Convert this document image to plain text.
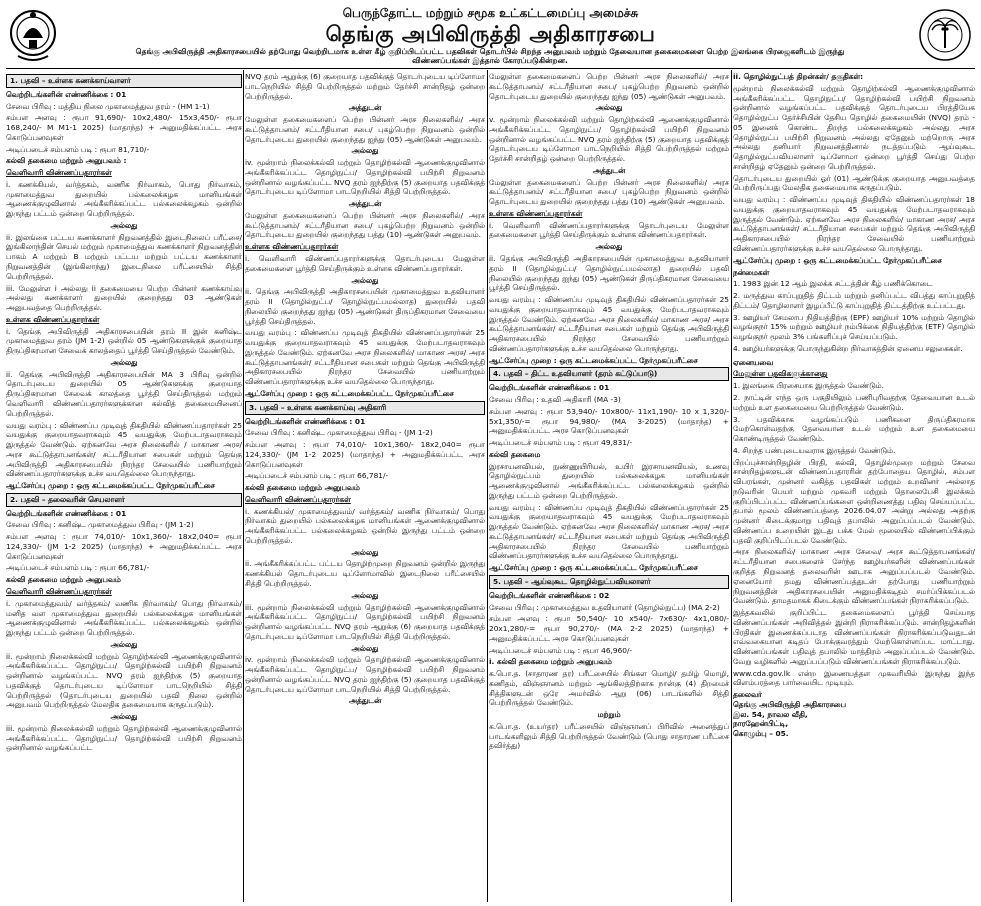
பெருந்தோட்ட மற்றும் சமூக உட்கட்டமைப்பு அமைச்சு
தெங்கு அபிவிருத்தி அதிகாரசபை
தெங்கு அபிவிருத்தி அதிகாரசபையில் தற்போது வெற்றிடமாக உள்ள கீழ் குறிப்பிடப்பட்ட பதவிகள் தொடர்பில் சிறந்த அனுபவம் மற்றும் தேவையான தகைமைகளை பெற்ற இலங்கை பிரஜைகளிடம் இருந்து
விண்ணப்பங்கள் இத்தால் கோரப்படுகின்றன.
1. பதவி – உள்ளக கணக்காய்வாளர்

வெற்றிடங்களின் எண்ணிக்கை : 01

சேவை பிரிவு : மத்திய நிலை முகாமைத்துவ தரம் - (HM 1-1)

சம்பள அளவு : ரூபா 91,690/- 10x2,480/- 15x3,450/- ரூபா 168,240/- M M1-1 2025) (மாதாந்த) + அனுமதிக்கப்பட்ட அரச கொடுப்பனவுகள்

அடிப்படைச் சம்பளம் படி : ரூபா 81,710/-

கல்வி தகைமை மற்றும் அனுபவம் :

வெளிவாரி விண்ணப்பதாரர்கள்

i. கணக்கியல், வர்த்தகம், வணிக நிர்வாகம், பொது நிர்வாகம், முகாமைத்துவ துறையில் பல்கலைக்கழக மானியங்கள் ஆணைக்குழுவினால் அங்கீகரிக்கப்பட்ட பல்கலைக்கழகம் ஒன்றில் இருந்து பட்டம் ஒன்றை பெற்றிருத்தல்.

அல்லது

ii. இலங்கை பட்டய கணக்காளர் நிறுவனத்தில் இடைநிலைப் பரீட்சை/ இங்கிலாந்தின் செயல் மற்றும் முகாமைத்துவ கணக்காளர் நிறுவனத்தின் பாகம் A மற்றும் B மற்றும் பட்டய மற்றும் பட்டய கணக்காளர் நிறுவனத்தின் (இங்கிலாந்து) இடைநிலை பரீட்சையில் சித்தி பெற்றிருத்தல்.

iii. மேலுள்ள i அல்லது ii தகைமையை பெற்ற பின்னர் கணக்காய்வு அல்லது கணக்காளர் துறையில் குறைந்தது 03 ஆண்டுகள் அனுபவத்தை பெற்றிருத்தல்.

உள்ளக விண்ணப்பதாரர்கள்

i. தெங்கு அபிவிருத்தி அதிகாரசபையின் தரம் II இன் கனிஷ்ட முகாமைத்துவ தரம் (JM 1-2) ஒன்றில் 05 ஆண்டுகளுக்குக் குறையாத திருப்திகரமான சேவைக் காலத்தைப் பூர்த்தி செய்திருத்தல் வேண்டும்.

அல்லது

ii. தெங்கு அபிவிருத்தி அதிகாரசபையின் MA 3 பிரிவு ஒன்றில் தொடர்புடைய துறையில் 05 ஆண்டுகளுக்கு குறையாத திருப்திகரமான சேவைக் காலத்தை பூர்த்தி செய்திருத்தல் மற்றும் வெளிவாரி விண்ணப்பதாரர்களுக்கான கல்வித் தகைமையினைப் பெற்றிருத்தல்.

வயது வரம்பு : விண்ணப்ப முடிவுத் திகதியில் விண்ணப்பதாரர்கள் 25 வயதுக்கு குறையாதவராகவும் 45 வயதுக்கு மேற்படாதவராகவும் இருத்தல் வேண்டும். ஏற்கனவே அரச நிலைகளில் / மாகாண அரச/ அரச கூட்டுத்தாபனங்கள்/ சட்டரீதியான சபைகள் மற்றும் தெங்கு அபிவிருத்தி அதிகாரசபையில் நிரந்தர சேவையில் பணியாற்றும் விண்ணப்பதாரர்களுக்கு உச்ச வயதெல்லை பொருந்தாது.

ஆட்சேர்ப்பு முறை : ஒரு கட்டமைக்கப்பட்ட நேர்முகப்பரீட்சை

2. பதவி – தலைவரின் செயலாளர்

வெற்றிடங்களின் எண்ணிக்கை : 01

சேவை பிரிவு : கனிஷ்ட முகாமைத்துவ பிரிவு - (JM 1-2)

சம்பள அளவு : ரூபா 74,010/- 10x1,360/- 18x2,040= ரூபா 124,330/- (JM 1-2 2025) (மாதாந்த) + அனுமதிக்கப்பட்ட அரச கொடுப்பனவுகள்

அடிப்படைச் சம்பளம் படி : ரூபா 66,781/-

கல்வி தகைமை மற்றும் அனுபவம்

வெளிவாரி விண்ணப்பதாரர்கள்

i. முகாமைத்துவம்/ வர்த்தகம்/ வணிக நிர்வாகம்/ பொது நிர்வாகம்/ மனித வள முகாமைத்துவ துறையில் பல்கலைக்கழக மானியங்கள் ஆணைக்குழுவினால் அங்கீகரிக்கப்பட்ட பல்கலைக்கழகம் ஒன்றில் இருந்து பட்டம் ஒன்றை பெற்றிருத்தல்.

அல்லது

ii. மூன்றாம் நிலைக்கல்வி மற்றும் தொழிற்கல்வி ஆணைக்குழுவினால் அங்கீகரிக்கப்பட்ட தொழிநுட்ப/ தொழிற்கல்வி பயிற்சி நிறுவனம் ஒன்றினால் வழங்கப்பட்ட NVQ தரம் ஐந்திற்கு (5) குறையாத பதவிக்குத் தொடர்புடைய டிப்ளோமா பாடநெறியில் சித்தி பெற்றிருத்தல் (தொடர்புடைய துறையில் பதவி நிலை ஒன்றில் அனுபவம் பெற்றிருத்தல் மேலதிக தகைமையாக கருதப்படும்).

அல்லது

iii. மூன்றாம் நிலைக்கல்வி மற்றும் தொழிற்கல்வி ஆணைக்குழுவினால் அங்கீகரிக்கப்பட்ட தொழிநுட்ப/ தொழிற்கல்வி பயிற்சி நிறுவனம் ஒன்றினால் வழங்கப்பட்ட

NVQ தரம் ஆறுக்கு (6) குறையாத பதவிக்குத் தொடர்புடைய டிப்ளோமா பாடநெறியில் சித்தி பெற்றிருத்தல் மற்றும் தேர்ச்சி சான்றிதழ் ஒன்றை பெற்றிருத்தல்.

அத்துடன்

மேலுள்ள தகைமைகளைப் பெற்ற பின்னர் அரச நிலைகளில்/ அரச கூட்டுத்தாபனம்/ சட்டரீதியான சபை/ புகழ்பெற்ற நிறுவனம் ஒன்றில் தொடர்புடைய துறையில் குறைந்தது ஐந்து (05) ஆண்டுகள் அனுபவம்.

அல்லது

iv. மூன்றாம் நிலைக்கல்வி மற்றும் தொழிற்கல்வி ஆணைக்குழுவினால் அங்கீகரிக்கப்பட்ட தொழிநுட்ப/ தொழிற்கல்வி பயிற்சி நிறுவனம் ஒன்றினால் வழங்கப்பட்ட NVQ தரம் ஐந்திற்கு (5) குறையாத பதவிக்குத் தொடர்புடைய டிப்ளோமா பாடநெறியில் சித்தி பெற்றிருத்தல்.

அத்துடன்

மேலுள்ள தகைமைகளைப் பெற்ற பின்னர் அரச நிலைகளில்/ அரச கூட்டுத்தாபனம்/ சட்டரீதியான சபை/ புகழ்பெற்ற நிறுவனம் ஒன்றில் தொடர்புடைய துறையில் குறைந்தது பத்து (10) ஆண்டுகள் அனுபவம்.

உள்ளக விண்ணப்பதாரர்கள்

i. வெளிவாரி விண்ணப்பதாரர்களுக்கு தொடர்புடைய மேலுள்ள தகைமைகளை பூர்த்தி செய்திருக்கும் உள்ளக விண்ணப்பதாரர்கள்.

அல்லது

ii. தெங்கு அபிவிருத்தி அதிகாரசபையின் முகாமைத்துவ உதவியாளர் தரம் II (தொழில்நுட்ப/ தொழில்நுட்பமல்லாத) துறையில் பதவி நிலையில் குறைந்தது ஐந்து (05) ஆண்டுகள் திருப்திகரமான சேவையை பூர்த்தி செய்திருத்தல்.

வயது வரம்பு : விண்ணப்ப முடிவுத் திகதியில் விண்ணப்பதாரர்கள் 25 வயதுக்கு குறையாதவராகவும் 45 வயதுக்கு மேற்படாதவராகவும் இருத்தல் வேண்டும். ஏற்கனவே அரச நிலைகளில்/ மாகாண அரச/ அரச கூட்டுத்தாபனங்கள்/ சட்டரீதியான சபைகள் மற்றும் தெங்கு அபிவிருத்தி அதிகாரசபையில் நிரந்தர சேவையில் பணியாற்றும் விண்ணப்பதாரர்களுக்கு உச்ச வயதெல்லை பொருந்தாது.

ஆட்சேர்ப்பு முறை : ஒரு கட்டமைக்கப்பட்ட நேர்முகப்பரீட்சை

3. பதவி – உள்ளக கணக்காய்வு அதிகாரி

வெற்றிடங்களின் எண்ணிக்கை : 01

சேவை பிரிவு : கனிஷ்ட முகாமைத்துவ பிரிவு - (JM 1-2)

சம்பள அளவு : ரூபா 74,010/- 10x1,360/- 18x2,040= ரூபா 124,330/- (JM 1-2 2025) (மாதாந்த) + அனுமதிக்கப்பட்ட அரச கொடுப்பனவுகள்

அடிப்படைச் சம்பளம் படி : ரூபா 66,781/-

கல்வி தகைமை மற்றும் அனுபவம்

வெளிவாரி விண்ணப்பதாரர்கள்

i. கணக்கியல்/ முகாமைத்துவம்/ வர்த்தகம்/ வணிக நிர்வாகம்/ பொது நிர்வாகம் துறையில் பல்கலைக்கழக மானியங்கள் ஆணைக்குழுவினால் அங்கீகரிக்கப்பட்ட பல்கலைக்கழகம் ஒன்றில் இருந்து பட்டம் ஒன்றை பெற்றிருத்தல்.

அல்லது

ii. அங்கீகரிக்கப்பட்ட பட்டய தொழிற்முறை நிறுவனம் ஒன்றில் இருந்து கணக்கியல் தொடர்புடைய டிப்ளோமாவில் இடைநிலை பரீட்சையில் சித்தி பெற்றிருத்தல்.

அல்லது

iii. மூன்றாம் நிலைக்கல்வி மற்றும் தொழிற்கல்வி ஆணைக்குழுவினால் அங்கீகரிக்கப்பட்ட தொழிநுட்ப/ தொழிற்கல்வி பயிற்சி நிறுவனம் ஒன்றினால் வழங்கப்பட்ட NVQ தரம் ஆறுக்கு (6) குறையாத பதவிக்குத் தொடர்புடைய டிப்ளோமா பாடநெறியில் சித்தி பெற்றிருத்தல்.

அல்லது

iv. மூன்றாம் நிலைக்கல்வி மற்றும் தொழிற்கல்வி ஆணைக்குழுவினால் அங்கீகரிக்கப்பட்ட தொழிநுட்ப/ தொழிற்கல்வி பயிற்சி நிறுவனம் ஒன்றினால் வழங்கப்பட்ட NVQ தரம் ஐந்திற்கு (5) குறையாத பதவிக்குத் தொடர்புடைய டிப்ளோமா பாடநெறியில் சித்தி பெற்றிருத்தல்.

அத்துடன்

மேலுள்ள தகைமைகளைப் பெற்ற பின்னர் அரச நிலைகளில்/ அரச கூட்டுத்தாபனம்/ சட்டரீதியான சபை/ புகழ்பெற்ற நிறுவனம் ஒன்றில் தொடர்புடைய துறையில் குறைந்தது ஐந்து (05) ஆண்டுகள் அனுபவம்.

அல்லது

v. மூன்றாம் நிலைக்கல்வி மற்றும் தொழிற்கல்வி ஆணைக்குழுவினால் அங்கீகரிக்கப்பட்ட தொழிநுட்ப/ தொழிற்கல்வி பயிற்சி நிறுவனம் ஒன்றினால் வழங்கப்பட்ட NVQ தரம் ஐந்திற்கு (5) குறையாத பதவிக்குத் தொடர்புடைய டிப்ளோமா பாடநெறியில் சித்தி பெற்றிருத்தல் மற்றும் தேர்ச்சி சான்றிதழ் ஒன்றை பெற்றிருத்தல்.

அத்துடன்

மேலுள்ள தகைமைகளைப் பெற்ற பின்னர் அரச நிலைகளில்/ அரச கூட்டுத்தாபனம்/ சட்டரீதியான சபை/ புகழ்பெற்ற நிறுவனம் ஒன்றில் தொடர்புடைய துறையில் குறைந்தது பத்து (10) ஆண்டுகள் அனுபவம்.

உள்ளக விண்ணப்பதாரர்கள்

i. வெளிவாரி விண்ணப்பதாரர்களுக்கு தொடர்புடைய மேலுள்ள தகைமைகளை பூர்த்தி செய்திருக்கும் உள்ளக விண்ணப்பதாரர்கள்.

அல்லது

ii. தெங்கு அபிவிருத்தி அதிகாரசபையின் முகாமைத்துவ உதவியாளர் தரம் II (தொழில்நுட்ப/ தொழில்நுட்பமல்லாத) துறையில் பதவி நிலையில் குறைந்தது ஐந்து (05) ஆண்டுகள் திருப்திகரமான சேவையை பூர்த்தி செய்திருத்தல்.

வயது வரம்பு : விண்ணப்ப முடிவுத் திகதியில் விண்ணப்பதாரர்கள் 25 வயதுக்கு குறையாதவராகவும் 45 வயதுக்கு மேற்படாதவராகவும் இருத்தல் வேண்டும். ஏற்கனவே அரச நிலைகளில்/ மாகாண அரச/ அரச கூட்டுத்தாபனங்கள்/ சட்டரீதியான சபைகள் மற்றும் தெங்கு அபிவிருத்தி அதிகாரசபையில் நிரந்தர சேவையில் பணியாற்றும் விண்ணப்பதாரர்களுக்கு உச்ச வயதெல்லை பொருந்தாது.

ஆட்சேர்ப்பு முறை : ஒரு கட்டமைக்கப்பட்ட நேர்முகப்பரீட்சை

4. பதவி – திட்ட உதவியாளர் (தரம் கட்டுப்பாடு)

வெற்றிடங்களின் எண்ணிக்கை : 01

சேவை பிரிவு : உதவி அதிகாரி (MA -3)

சம்பள அளவு : ரூபா 53,940/- 10x800/- 11x1,190/- 10 x 1,320/- 5x1,350/-= ரூபா 94,980/- (MA 3-2025) (மாதாந்த) + அனுமதிக்கப்பட்ட அரச கொடுப்பனவுகள்

அடிப்படைச் சம்பளம் படி : ரூபா 49,831/-

கல்வி தகைமை

இரசாயனவியல், நுண்ணுயிரியல், உயிர் இரசாயனவியல், உணவு தொழில்நுட்பம் துறையில் பல்கலைக்கழக மானியங்கள் ஆணைக்குழுவினால் அங்கீகரிக்கப்பட்ட பல்கலைக்கழகம் ஒன்றில் இருந்து பட்டம் ஒன்றை பெற்றிருத்தல்.

வயது வரம்பு : விண்ணப்ப முடிவுத் திகதியில் விண்ணப்பதாரர்கள் 25 வயதுக்கு குறையாதவராகவும் 45 வயதுக்கு மேற்படாதவராகவும் இருத்தல் வேண்டும். ஏற்கனவே அரச நிலைகளில்/ மாகாண அரச/ அரச கூட்டுத்தாபனங்கள்/ சட்டரீதியான சபைகள் மற்றும் தெங்கு அபிவிருத்தி அதிகாரசபையில் நிரந்தர சேவையில் பணியாற்றும் விண்ணப்பதாரர்களுக்கு உச்ச வயதெல்லை பொருந்தாது.

ஆட்சேர்ப்பு முறை : ஒரு கட்டமைக்கப்பட்ட நேர்முகப்பரீட்சை

5. பதவி – ஆய்வுகூட தொழில்நுட்பவியலாளர்

வெற்றிடங்களின் எண்ணிக்கை : 02

சேவை பிரிவு : முகாமைத்துவ உதவியாளர் (தொழில்நுட்ப) (MA 2-2)

சம்பள அளவு : ரூபா 50,540/- 10 x540/- 7x630/- 4x1,080/- 20x1,280/-= ரூபா 90,270/- (MA 2-2 2025) (மாதாந்த) + அனுமதிக்கப்பட்ட அரச கொடுப்பனவுகள்

அடிப்படைச் சம்பளம் படி : ரூபா 46,960/-

i. கல்வி தகைமை மற்றும் அனுபவம்

க.பொ.த. (சாதாரண தர) பரீட்சையில் சிங்கள மொழி/ தமிழ் மொழி, கணிதம், விஞ்ஞானம் மற்றும் ஆங்கிலத்திற்காக நான்கு (4) திறமைச் சித்திகளுடன் ஒரே அமர்வில் ஆறு (06) பாடங்களில் சித்தி பெற்றிருத்தல் வேண்டும்.

மற்றும்

க.பொ.த. (உயர்தர) பரீட்சையில் விஞ்ஞானப் பிரிவில் அனைத்துப் பாடங்களிலும் சித்தி பெற்றிருத்தல் வேண்டும் (பொது சாதாரண பரீட்சை தவிர்த்து)

ii. தொழில்நுட்பத் திறன்கள்/ தகுதிகள்:

மூன்றாம் நிலைக்கல்வி மற்றும் தொழிற்கல்வி ஆணைக்குழுவினால் அங்கீகரிக்கப்பட்ட தொழிநுட்ப/ தொழிற்கல்வி பயிற்சி நிறுவனம் ஒன்றினால் வழங்கப்பட்ட பதவிக்குத் தொடர்புடைய பிரத்தியேக தொழில்நுட்ப தேர்ச்சியின் தேசிய தொழில் தகைமையின் (NVQ) தரம் - 05 இனைக் கொண்ட திறந்த பல்கலைக்கழகம் அல்லது அரச தொழில்நுட்ப பயிற்சி நிறுவனம் அல்லது ஏதேனும் மற்றொரு அரச அல்லது தனியார் நிறுவனத்தினால் நடத்தப்படும் ஆய்வுகூட தொழில்நுட்பவியலாளர் டிப்ளோமா ஒன்றை பூர்த்தி செய்து பெற்ற சான்றிதழ் ஏதேனும் ஒன்றை பெற்றிருத்தல்.

தொடர்புடைய துறையில் ஓர் (01) ஆண்டுக்கு குறையாத அனுபவத்தை பெற்றிருப்பது மேலதிக தகைமையாக கருதப்படும்.

வயது வரம்பு : விண்ணப்ப முடிவுத் திகதியில் விண்ணப்பதாரர்கள் 18 வயதுக்கு குறையாதவராகவும் 45 வயதுக்கு மேற்படாதவராகவும் இருத்தல் வேண்டும். ஏற்கனவே அரச நிலைகளில்/ மாகாண அரச/ அரச கூட்டுத்தாபனங்கள்/ சட்டரீதியான சபைகள் மற்றும் தெங்கு அபிவிருத்தி அதிகாரசபையில் நிரந்தர சேவையில் பணியாற்றும் விண்ணப்பதாரர்களுக்கு உச்ச வயதெல்லை பொருந்தாது.

ஆட்சேர்ப்பு முறை : ஒரு கட்டமைக்கப்பட்ட நேர்முகப்பரீட்சை

நன்மைகள்

1. 1983 இன் 12 ஆம் இலக்க சட்டத்தின் கீழ் பணிக்கொடை

2. மருத்துவ காப்புறுதித் திட்டம் மற்றும் தனிப்பட்ட விபத்து காப்புறுதித் திட்டம்/ தொழிலாளர் இழப்பீட்டு காப்புறுதித் திட்டத்திற்கு உட்பட்டது.

3. ஊழியர் சேமலாப நிதியத்திற்கு (EPF) ஊழியர் 10% மற்றும் தொழில் வழங்குநர் 15% மற்றும் ஊழியர் நம்பிக்கை நிதியத்திற்கு (ETF) தொழில் வழங்குநர் மூலம் 3% பங்களிப்புச் செய்யப்படும்.

4. ஊழியர்களுக்கு பொருந்துகின்ற நிர்வாகத்தின் ஏனைய சலுகைகள்.

ஏனையவை

மேலுள்ள பதவிகளுக்கானது

1. இலங்கை பிரசையாக இருத்தல் வேண்டும்.

2. நாட்டின் எந்த ஒரு பகுதியிலும் பணிபுரிவதற்கு தேவையான உடல் மற்றும் உள தகைமையை பெற்றிருத்தல் வேண்டும்.

3. பதவிக்காக வழங்கப்படும் பணிகளை திருப்திகரமாக மேற்கொள்வதற்கு தேவையான உடல் மற்றும் உள தகைமையை கொண்டிருத்தல் வேண்டும்.

4. சிறந்த பண்புடையவராக இருத்தல் வேண்டும்.

பிறப்புச்சான்றிதழின் பிரதி, கல்வி, தொழில்முறை மற்றும் சேவை சான்றிதழ்களுடன் விண்ணப்பதாரரின் தற்போதைய தொழில், சம்பள விபரங்கள், முன்னர் வகித்த பதவிகள் மற்றும் உறவினர் அல்லாத நடுவரின் பெயர் மற்றும் முகவரி மற்றும் தொலைபேசி இலக்கம் குறிப்பிடப்பட்ட விண்ணப்பங்களை ஒன்றிணைத்து பதிவு செய்யப்பட்ட தபால் மூலம் விண்ணப்பத்தை 2026.04.07 அன்று அல்லது அதற்கு முன்னர் கிடைக்குமாறு பதிவுத் தபாலில் அனுப்பப்படல் வேண்டும். விண்ணப்ப உறையின் இடது பக்க மேல் மூலையில் விண்ணப்பிக்கும் பதவி குறிப்பிடப்படல் வேண்டும்.

அரச நிலைகளில்/ மாகாண அரச சேவை/ அரச கூட்டுத்தாபனங்கள்/ சட்டரீதியான சபைகளைச் சேர்ந்த ஊழியர்களின் விண்ணப்பங்கள் குறித்த நிறுவனத் தலைவரின் ஊடாக அனுப்பப்படல் வேண்டும். ஏனையோர் தமது விண்ணப்பத்துடன் தற்போது பணியாற்றும் நிறுவனத்தின் அதிகாரசபையின் அனுமதிக்கடிதம் சமர்ப்பிக்கப்படல் வேண்டும். தாமதமாகக் கிடைக்கும் விண்ணப்பங்கள் நிராகரிக்கப்படும்.

இத்தகவலில் குறிப்பிட்ட தகைமைகளைப் பூர்த்தி செய்யாத விண்ணப்பங்கள் அறிவித்தல் இன்றி நிராகரிக்கப்படும். சான்றிதழ்களின் பிரதிகள் இணைக்கப்படாத விண்ணப்பங்கள் நிராகரிக்கப்படுவதுடன் எவ்வகையான கடிதப் போக்குவரத்தும் மேற்கொள்ளப்பட மாட்டாது. விண்ணப்பங்கள் பதிவுத் தபாலில் மாத்திரம் அனுப்பப்படல் வேண்டும். வேறு வழிகளில் அனுப்பப்படும் விண்ணப்பங்கள் நிராகரிக்கப்படும்.

www.cda.gov.lk என்ற இணையத்தள முகவரியில் இருந்து இந்த விளம்பரத்தை பார்வையிட முடியும்.

தலைவர்
தெங்கு அபிவிருத்தி அதிகாரசபை
இல. 54, நாவல வீதி,
நாரஹேன்பிட்டி,
கொழும்பு – 05.
